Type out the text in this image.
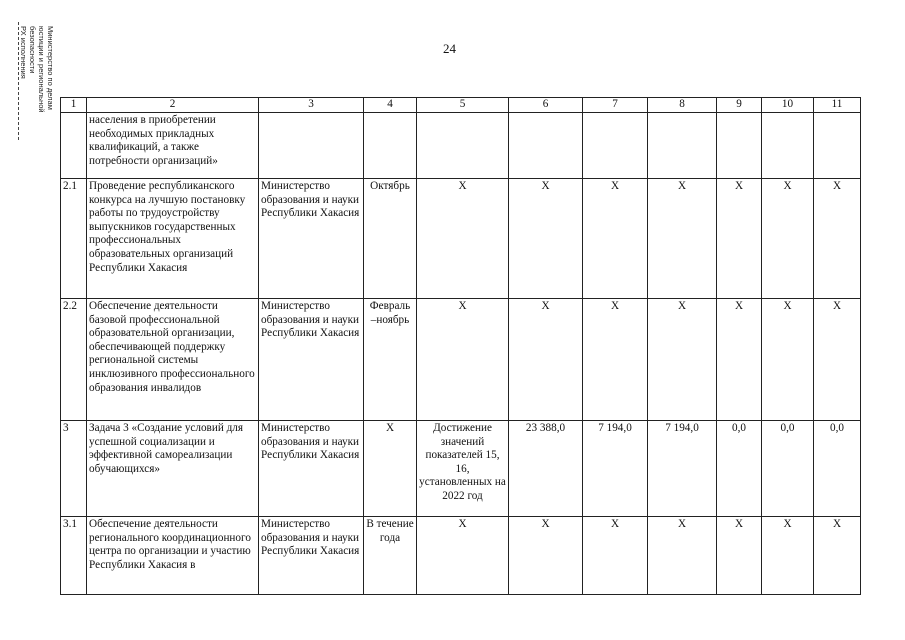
24
Министерство по делам
юстиции и региональной
безопасности
РХ исполнения
1	2	3	4	5	6	7	8	9	10	11
	населения в приобретении необходимых прикладных квалификаций, а также потребности организаций»									
2.1	Проведение республиканского конкурса на лучшую постановку работы по трудоустройству выпускников государственных профессиональных образовательных организаций Республики Хакасия	Министерство образования и науки Республики Хакасия	Октябрь	X	X	X	X	X	X	X
2.2	Обеспечение деятельности базовой профессиональной образовательной организации, обеспечивающей поддержку региональной системы инклюзивного профессионального образования инвалидов	Министерство образования и науки Республики Хакасия	Февраль –ноябрь	X	X	X	X	X	X	X
3	Задача 3 «Создание условий для успешной социализации и эффективной самореализации обучающихся»	Министерство образования и науки Республики Хакасия	X	Достижение значений показателей 15, 16, установленных на 2022 год	23 388,0	7 194,0	7 194,0	0,0	0,0	0,0
3.1	Обеспечение деятельности регионального координационного центра по организации и участию Республики Хакасия в	Министерство образования и науки Республики Хакасия	В течение года	X	X	X	X	X	X	X
